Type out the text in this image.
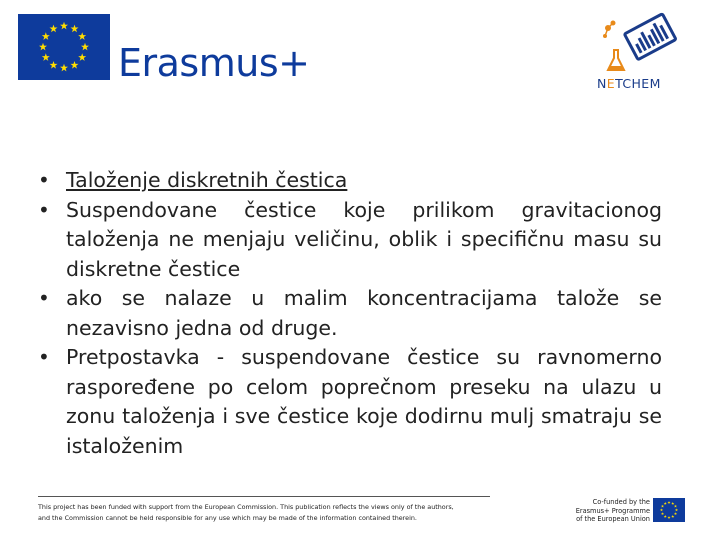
Erasmus+	NETCHEM
• Taloženje diskretnih čestica
• Suspendovane čestice koje prilikom gravitacionog taloženja ne menjaju veličinu, oblik i specifičnu masu su diskretne čestice
• ako se nalaze u malim koncentracijama talože se nezavisno jedna od druge.
• Pretpostavka - suspendovane čestice su ravnomerno raspoređene po celom poprečnom preseku na ulazu u zonu taloženja i sve čestice koje dodirnu mulj smatraju se istaloženim
This project has been funded with support from the European Commission. This publication reflects the views only of the authors,
and the Commission cannot be held responsible for any use which may be made of the information contained therein.
Co-funded by the
Erasmus+ Programme
of the European Union
